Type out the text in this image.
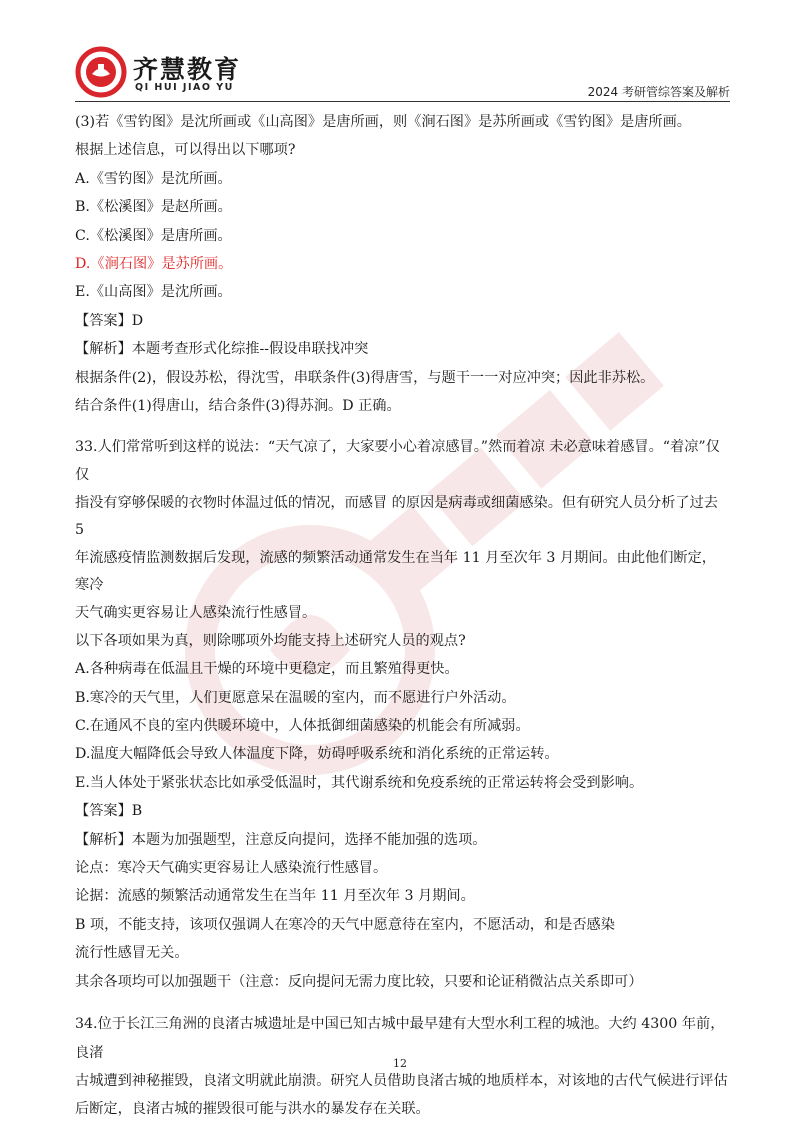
齐慧教育
QI HUI JIAO YU	2024 考研管综答案及解析

(3)若《雪钓图》是沈所画或《山高图》是唐所画，则《涧石图》是苏所画或《雪钓图》是唐所画。

根据上述信息，可以得出以下哪项?

A.《雪钓图》是沈所画。

B.《松溪图》是赵所画。

C.《松溪图》是唐所画。

D.《涧石图》是苏所画。

E.《山高图》是沈所画。

【答案】D

【解析】本题考查形式化综推--假设串联找冲突

根据条件(2)，假设苏松，得沈雪，串联条件(3)得唐雪，与题干一一对应冲突；因此非苏松。

结合条件(1)得唐山，结合条件(3)得苏涧。D 正确。

33.人们常常听到这样的说法：“天气凉了，大家要小心着凉感冒。”然而着凉 未必意味着感冒。“着凉”仅仅

指没有穿够保暖的衣物时体温过低的情况，而感冒 的原因是病毒或细菌感染。但有研究人员分析了过去 5

年流感疫情监测数据后发现，流感的频繁活动通常发生在当年 11 月至次年 3 月期间。由此他们断定，寒冷

天气确实更容易让人感染流行性感冒。

以下各项如果为真，则除哪项外均能支持上述研究人员的观点?

A.各种病毒在低温且干燥的环境中更稳定，而且繁殖得更快。

B.寒冷的天气里，人们更愿意呆在温暖的室内，而不愿进行户外活动。

C.在通风不良的室内供暖环境中，人体抵御细菌感染的机能会有所减弱。

D.温度大幅降低会导致人体温度下降，妨碍呼吸系统和消化系统的正常运转。

E.当人体处于紧张状态比如承受低温时，其代谢系统和免疫系统的正常运转将会受到影响。

【答案】B

【解析】本题为加强题型，注意反向提问，选择不能加强的选项。

论点：寒冷天气确实更容易让人感染流行性感冒。

论据：流感的频繁活动通常发生在当年 11 月至次年 3 月期间。

B 项，不能支持，该项仅强调人在寒冷的天气中愿意待在室内，不愿活动，和是否感染

流行性感冒无关。

其余各项均可以加强题干（注意：反向提问无需力度比较，只要和论证稍微沾点关系即可）

34.位于长江三角洲的良渚古城遗址是中国已知古城中最早建有大型水利工程的城池。大约 4300 年前，良渚

古城遭到神秘摧毁，良渚文明就此崩溃。研究人员借助良渚古城的地质样本，对该地的古代气候进行评估

后断定，良渚古城的摧毁很可能与洪水的暴发存在关联。

12
